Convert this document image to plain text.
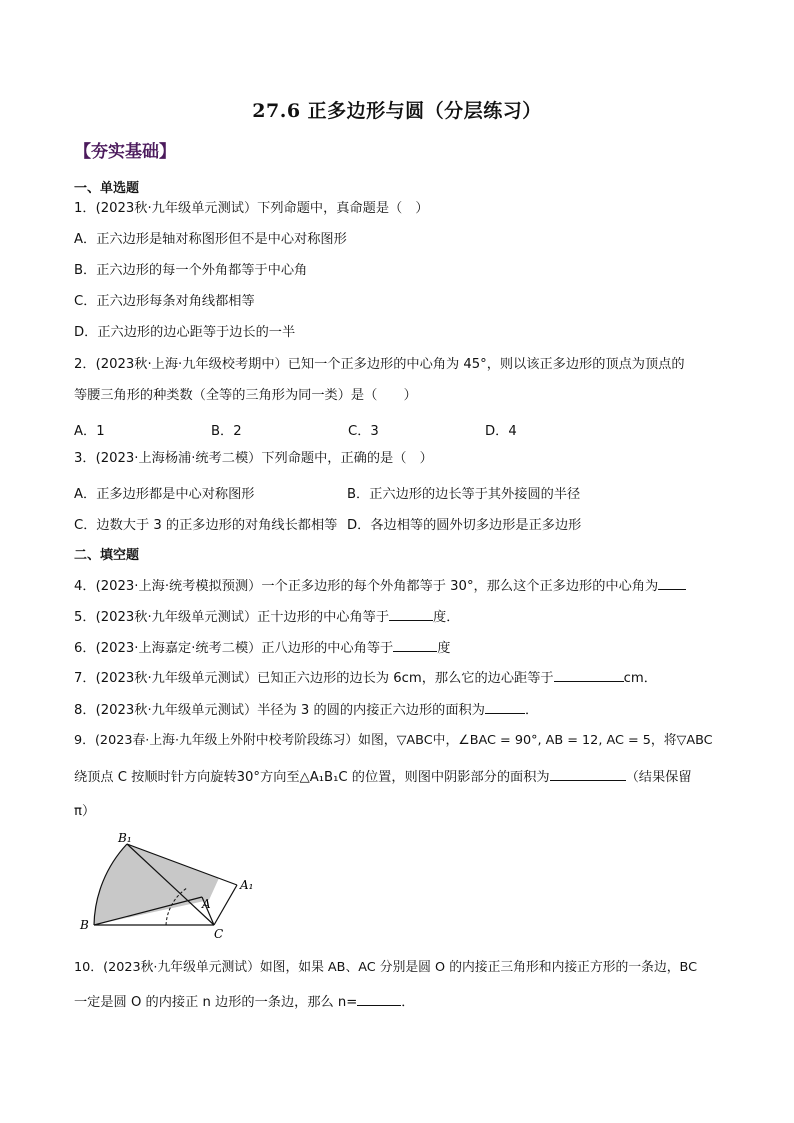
27.6 正多边形与圆（分层练习）
【夯实基础】
一、单选题
1．(2023秋·九年级单元测试）下列命题中，真命题是（　）
A．正六边形是轴对称图形但不是中心对称图形
B．正六边形的每一个外角都等于中心角
C．正六边形每条对角线都相等
D．正六边形的边心距等于边长的一半
2．(2023秋·上海·九年级校考期中）已知一个正多边形的中心角为 45°，则以该正多边形的顶点为顶点的
等腰三角形的种类数（全等的三角形为同一类）是（　　）
A．1	B．2	C．3	D．4
3．(2023·上海杨浦·统考二模）下列命题中，正确的是（　）
A．正多边形都是中心对称图形	B．正六边形的边长等于其外接圆的半径
C．边数大于 3 的正多边形的对角线长都相等 D．各边相等的圆外切多边形是正多边形
二、填空题
4．(2023·上海·统考模拟预测）一个正多边形的每个外角都等于 30°，那么这个正多边形的中心角为
5．(2023秋·九年级单元测试）正十边形的中心角等于	度．
6．(2023·上海嘉定·统考二模）正八边形的中心角等于	度
7．(2023秋·九年级单元测试）已知正六边形的边长为 6cm，那么它的边心距等于	cm．
8．(2023秋·九年级单元测试）半径为 3 的圆的内接正六边形的面积为	．
9．(2023春·上海·九年级上外附中校考阶段练习）如图，▽ABC中，∠BAC = 90°, AB = 12, AC = 5，将▽ABC
绕顶点 C 按顺时针方向旋转30°方向至△A₁B₁C 的位置，则图中阴影部分的面积为	（结果保留
π）
B₁
A₁
A
B
C
10．(2023秋·九年级单元测试）如图，如果 AB、AC 分别是圆 O 的内接正三角形和内接正方形的一条边，BC
一定是圆 O 的内接正 n 边形的一条边，那么 n=	．
